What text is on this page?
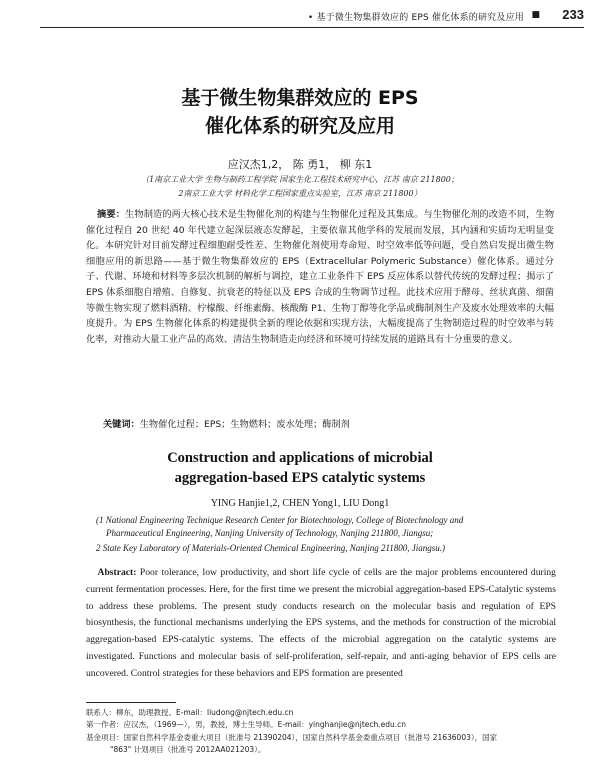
• 基于微生物集群效应的 EPS 催化体系的研究及应用 ■ 233
基于微生物集群效应的 EPS
催化体系的研究及应用
应汉杰1,2， 陈 勇1， 柳 东1
（1南京工业大学 生物与制药工程学院 国家生化工程技术研究中心，江苏 南京 211800；
2南京工业大学 材料化学工程国家重点实验室，江苏 南京 211800）
摘要：生物制造的两大核心技术是生物催化剂的构建与生物催化过程及其集成。与生物催化剂的改造不同，生物催化过程自 20 世纪 40 年代建立起深层液态发酵起，主要依靠其他学科的发展而发展，其内涵和实质均无明显变化。本研究针对目前发酵过程细胞耐受性差、生物催化剂使用寿命短、时空效率低等问题，受自然启发提出微生物细胞应用的新思路——基于微生物集群效应的 EPS（Extracellular Polymeric Substance）催化体系。通过分子、代谢、环境和材料等多层次机制的解析与调控，建立工业条件下 EPS 反应体系以替代传统的发酵过程；揭示了 EPS 体系细胞自增殖、自修复、抗衰老的特征以及 EPS 合成的生物调节过程。此技术应用于酵母、丝状真菌、细菌等微生物实现了燃料酒精、柠檬酸、纤维素酶、核酸酶 P1、生物丁醇等化学品或酶制剂生产及废水处理效率的大幅度提升。为 EPS 生物催化体系的构建提供全新的理论依据和实现方法，大幅度提高了生物制造过程的时空效率与转化率，对推动大量工业产品的高效、清洁生物制造走向经济和环境可持续发展的道路具有十分重要的意义。
关键词：生物催化过程；EPS；生物燃料；废水处理；酶制剂
Construction and applications of microbial
aggregation-based EPS catalytic systems
YING Hanjie1,2, CHEN Yong1, LIU Dong1
(1 National Engineering Technique Research Center for Biotechnology, College of Biotechnology and
Pharmaceutical Engineering, Nanjing University of Technology, Nanjing 211800, Jiangsu;
2 State Key Laboratory of Materials-Oriented Chemical Engineering, Nanjing 211800, Jiangsu.)
Abstract: Poor tolerance, low productivity, and short life cycle of cells are the major problems encountered during current fermentation processes. Here, for the first time we present the microbial aggregation-based EPS-Catalytic systems to address these problems. The present study conducts research on the molecular basis and regulation of EPS biosynthesis, the functional mechanisms underlying the EPS systems, and the methods for construction of the microbial aggregation-based EPS-catalytic systems. The effects of the microbial aggregation on the catalytic systems are investigated. Functions and molecular basis of self-proliferation, self-repair, and anti-aging behavior of EPS cells are uncovered. Control strategies for these behaviors and EPS formation are presented

联系人：柳东，助理教授。E-mail：liudong@njtech.edu.cn

第一作者：应汉杰，（1969—），男，教授，博士生导师。E-mail：yinghanjie@njtech.edu.cn

基金项目：国家自然科学基金委重大项目（批准号 21390204），国家自然科学基金委重点项目（批准号 21636003），国家

"863" 计划项目（批准号 2012AA021203）。
